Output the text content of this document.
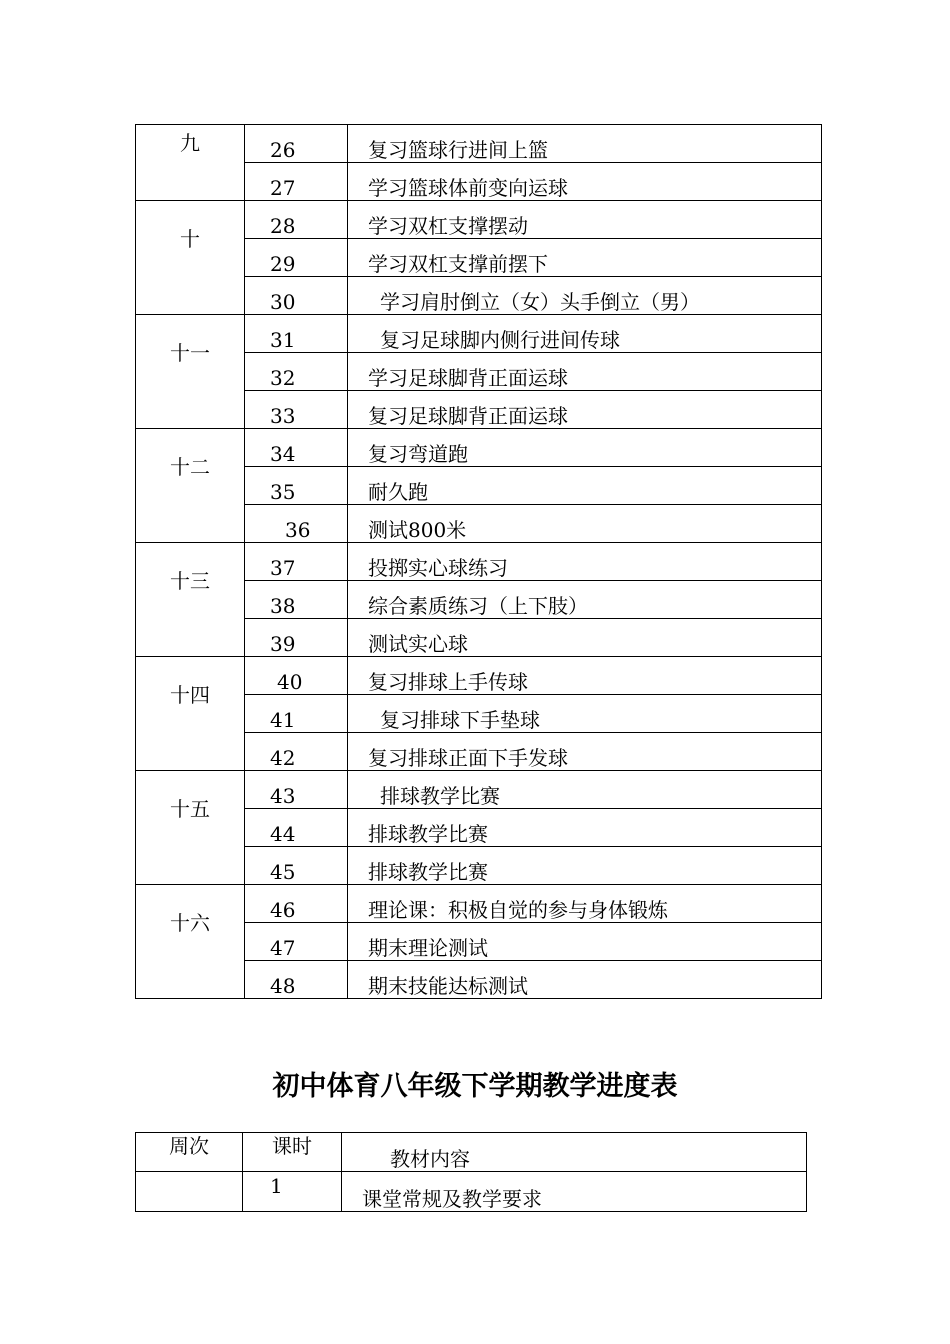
九	26	复习篮球行进间上篮
	27	学习篮球体前变向运球
十	28	学习双杠支撑摆动
	29	学习双杠支撑前摆下
	30	学习肩肘倒立（女）头手倒立（男）
十一	31	复习足球脚内侧行进间传球
	32	学习足球脚背正面运球
	33	复习足球脚背正面运球
十二	34	复习弯道跑
	35	耐久跑
	36	测试800米
十三	37	投掷实心球练习
	38	综合素质练习（上下肢）
	39	测试实心球
十四	40	复习排球上手传球
	41	复习排球下手垫球
	42	复习排球正面下手发球
十五	43	排球教学比赛
	44	排球教学比赛
	45	排球教学比赛
十六	46	理论课：积极自觉的参与身体锻炼
	47	期末理论测试
	48	期末技能达标测试
初中体育八年级下学期教学进度表
周次	课时	教材内容
	1	课堂常规及教学要求
